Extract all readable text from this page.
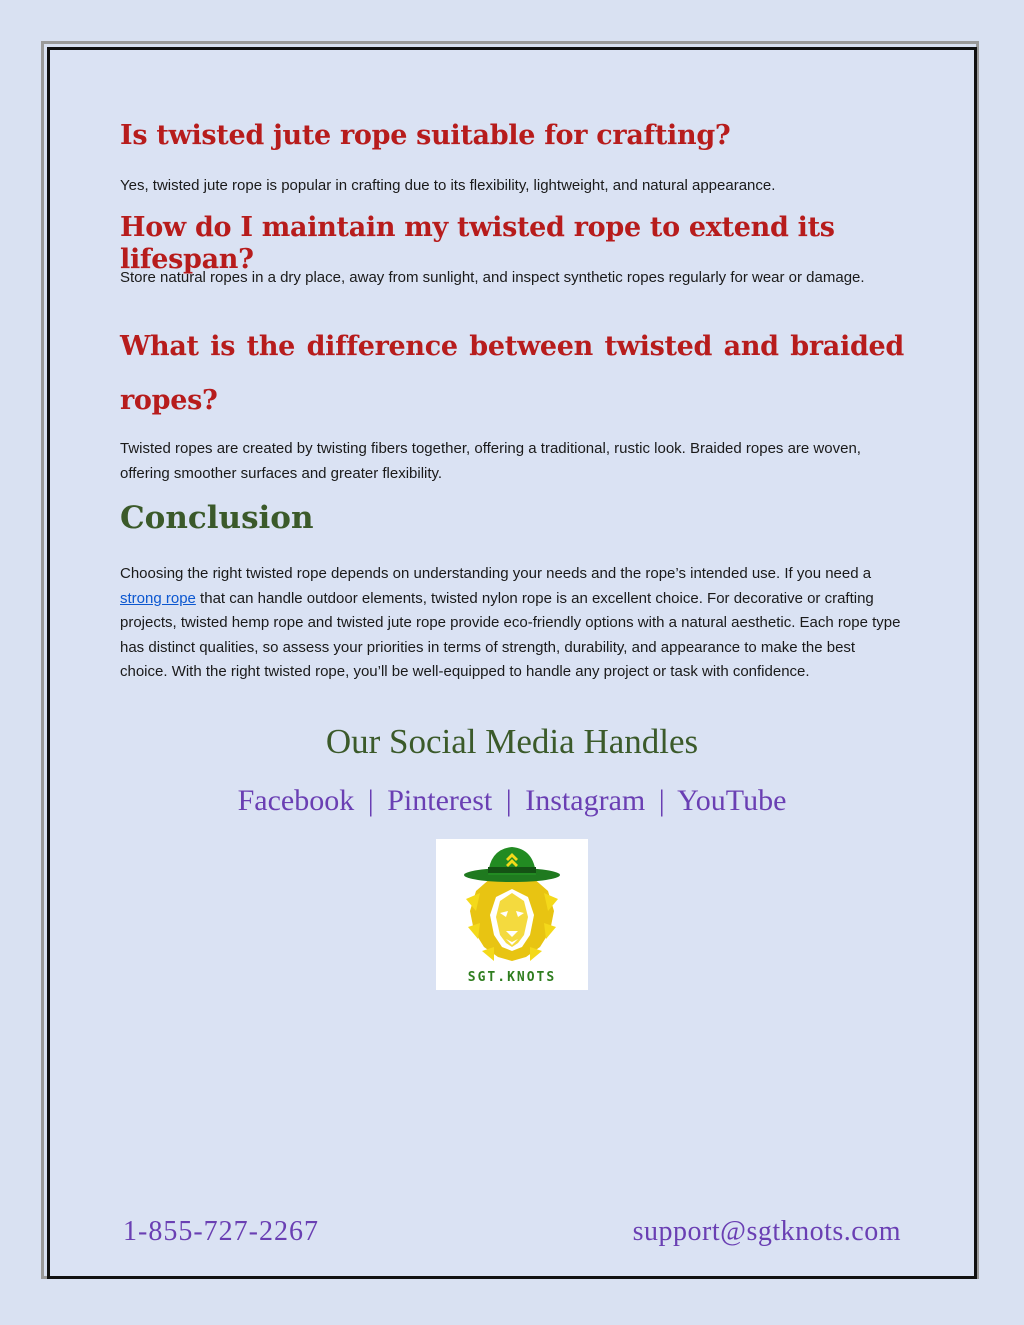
Is twisted jute rope suitable for crafting?

Yes, twisted jute rope is popular in crafting due to its flexibility, lightweight, and natural appearance.

How do I maintain my twisted rope to extend its lifespan?

Store natural ropes in a dry place, away from sunlight, and inspect synthetic ropes regularly for wear or damage.

What is the difference between twisted and braided ropes?

Twisted ropes are created by twisting fibers together, offering a traditional, rustic look. Braided ropes are woven, offering smoother surfaces and greater flexibility.

Conclusion

Choosing the right twisted rope depends on understanding your needs and the rope’s intended use. If you need a strong rope that can handle outdoor elements, twisted nylon rope is an excellent choice. For decorative or crafting projects, twisted hemp rope and twisted jute rope provide eco-friendly options with a natural aesthetic. Each rope type has distinct qualities, so assess your priorities in terms of strength, durability, and appearance to make the best choice. With the right twisted rope, you’ll be well-equipped to handle any project or task with confidence.

Our Social Media Handles
Facebook | Pinterest | Instagram | YouTube
SGT.KNOTS
1-855-727-2267	support@sgtknots.com
